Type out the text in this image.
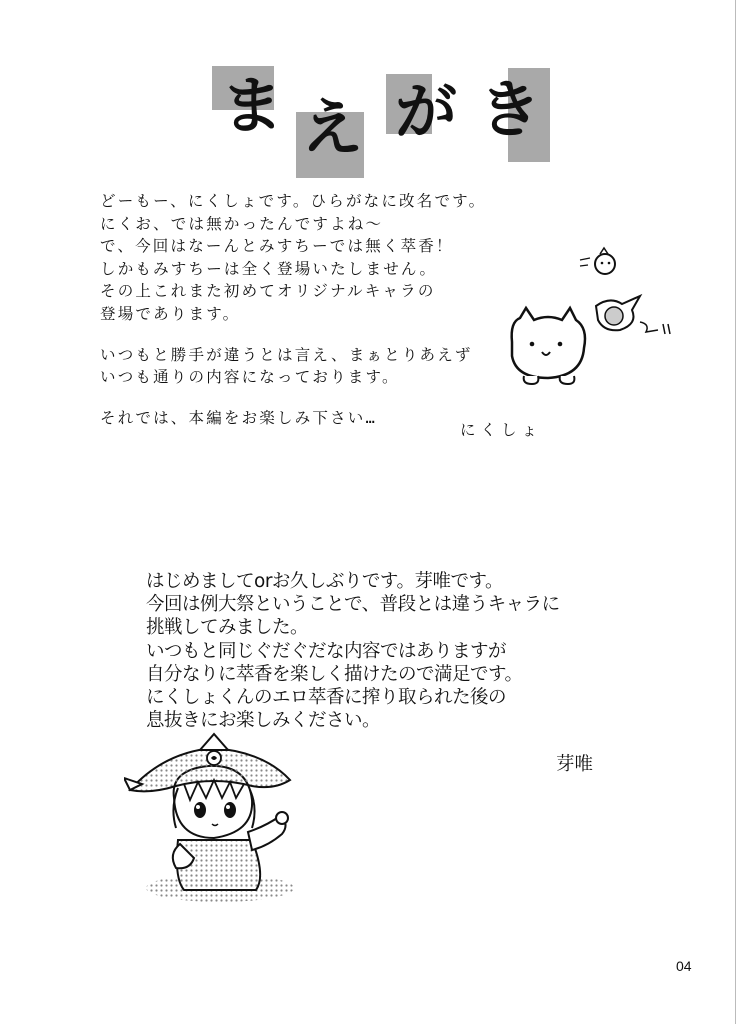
ま え が き
どーもー、にくしょです。ひらがなに改名です。
にくお、では無かったんですよね～
で、今回はなーんとみすちーでは無く萃香！
しかもみすちーは全く登場いたしません。
その上これまた初めてオリジナルキャラの
登場であります。
いつもと勝手が違うとは言え、まぁとりあえず
いつも通りの内容になっております。
それでは、本編をお楽しみ下さい…
にくしょ
はじめましてorお久しぶりです。芽唯です。
今回は例大祭ということで、普段とは違うキャラに
挑戦してみました。
いつもと同じぐだぐだな内容ではありますが
自分なりに萃香を楽しく描けたので満足です。
にくしょくんのエロ萃香に搾り取られた後の
息抜きにお楽しみください。
芽唯
04
